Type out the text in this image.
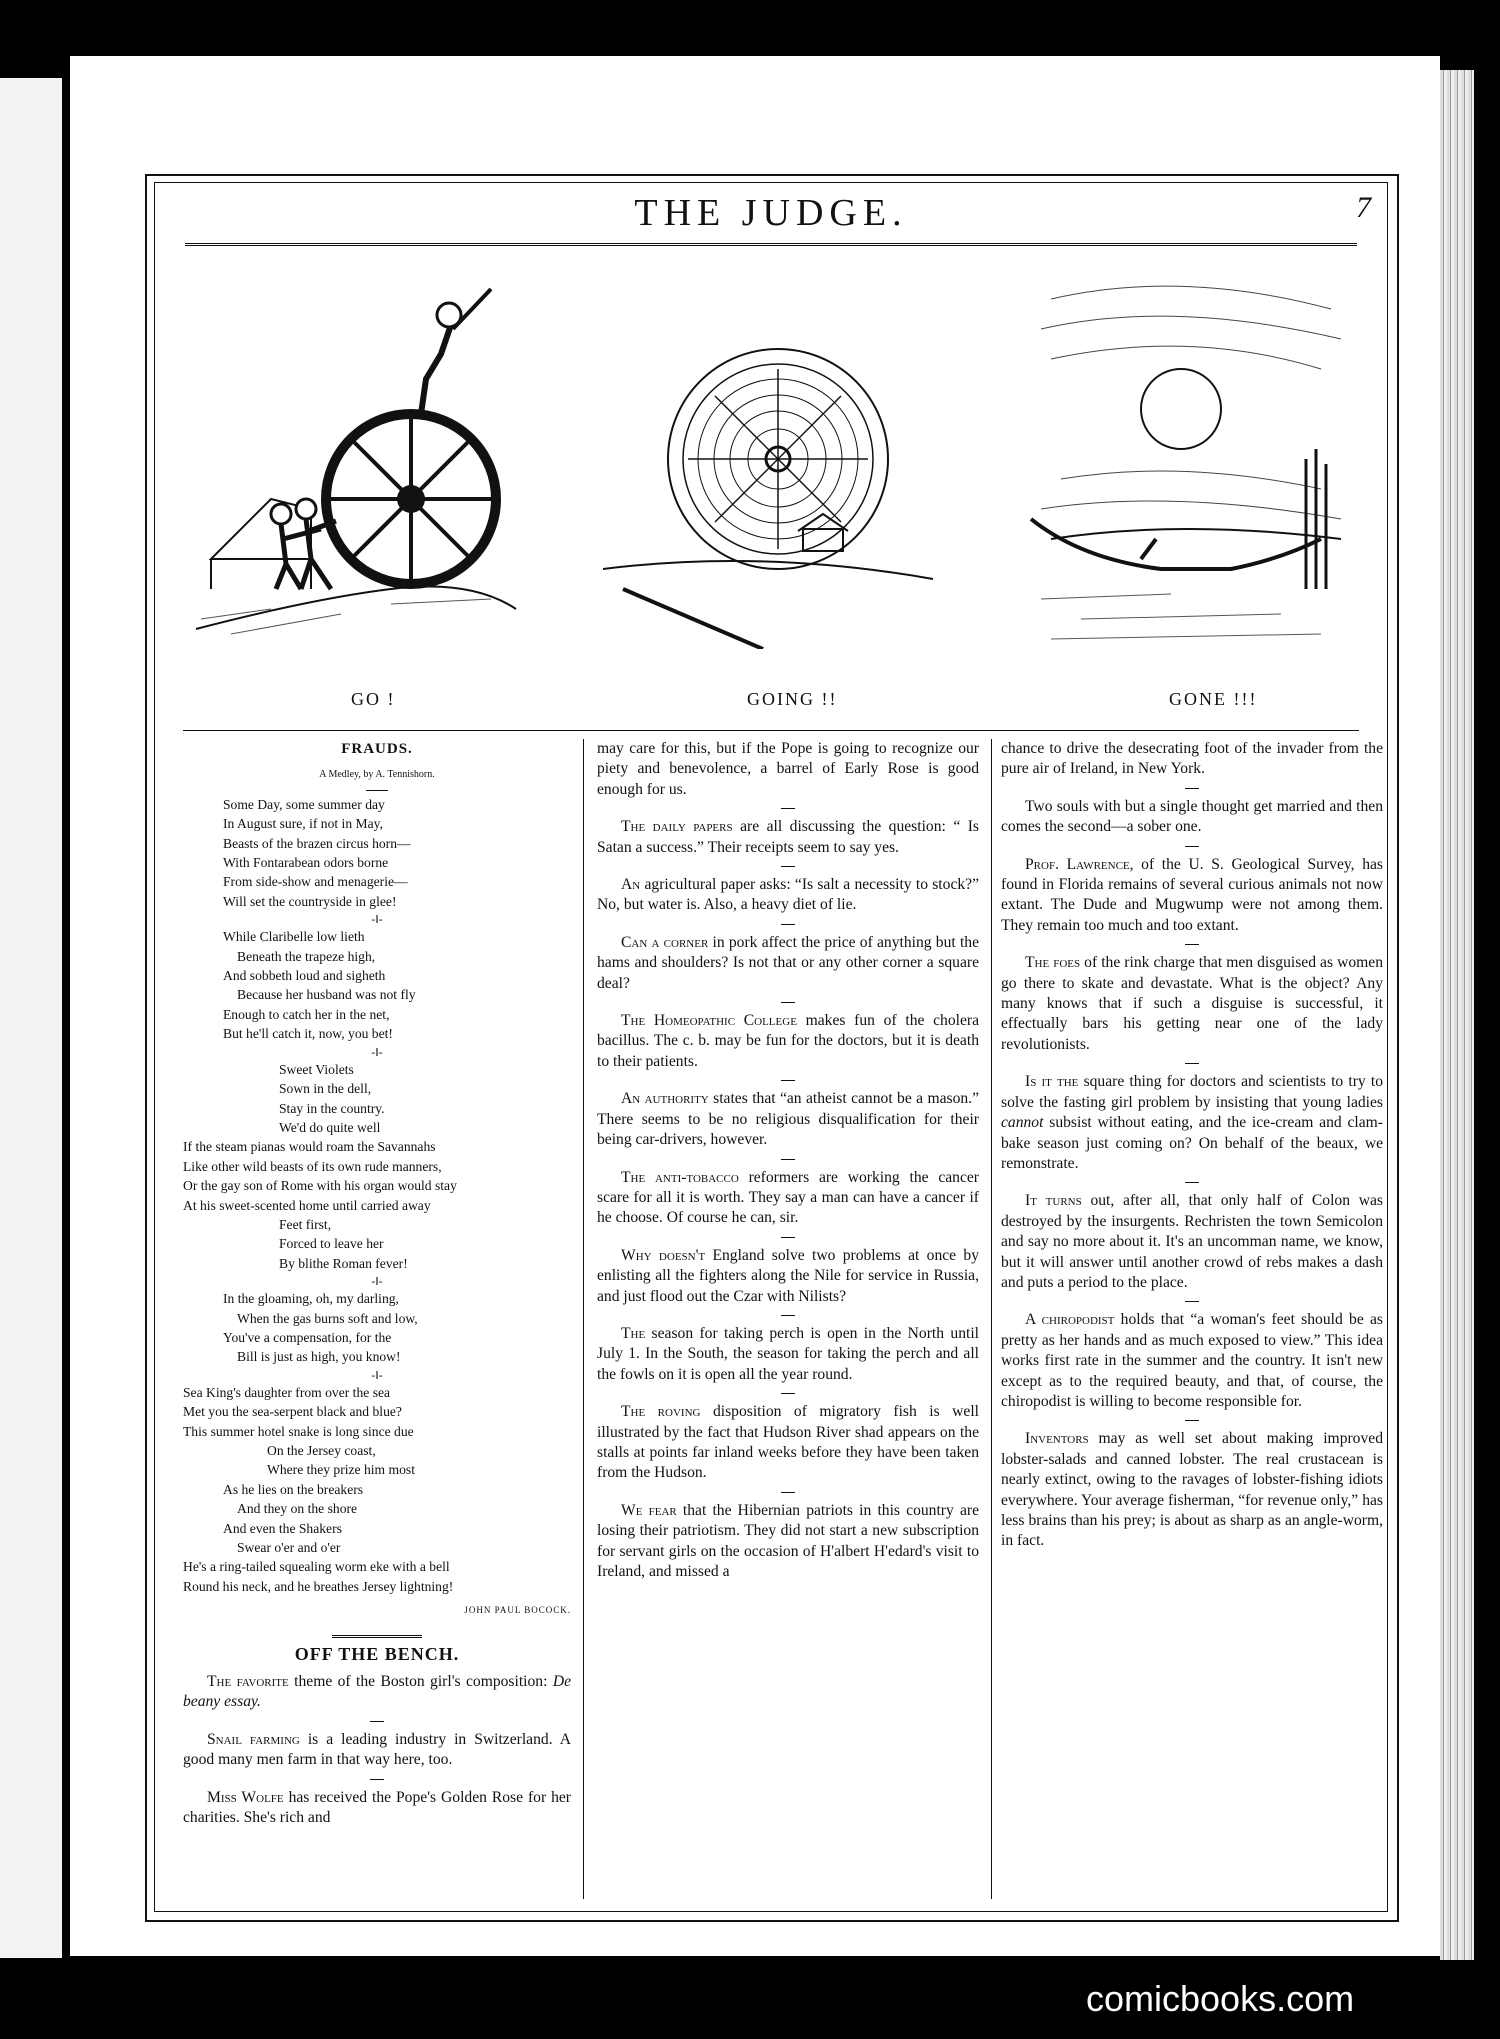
THE JUDGE.	7
GO !	GOING !!	GONE !!!
FRAUDS.
A Medley, by A. Tennishorn.
Some Day, some summer day
In August sure, if not in May,
Beasts of the brazen circus horn—
With Fontarabean odors borne
From side-show and menagerie—
Will set the countryside in glee!
-‖-
While Claribelle low lieth
Beneath the trapeze high,
And sobbeth loud and sigheth
Because her husband was not fly
Enough to catch her in the net,
But he'll catch it, now, you bet!
-‖-
Sweet Violets
Sown in the dell,
Stay in the country.
We'd do quite well
If the steam pianas would roam the Savannahs
Like other wild beasts of its own rude manners,
Or the gay son of Rome with his organ would stay
At his sweet-scented home until carried away
Feet first,
Forced to leave her
By blithe Roman fever!
-‖-
In the gloaming, oh, my darling,
When the gas burns soft and low,
You've a compensation, for the
Bill is just as high, you know!
-‖-
Sea King's daughter from over the sea
Met you the sea-serpent black and blue?
This summer hotel snake is long since due
On the Jersey coast,
Where they prize him most
As he lies on the breakers
And they on the shore
And even the Shakers
Swear o'er and o'er
He's a ring-tailed squealing worm eke with a bell
Round his neck, and he breathes Jersey lightning!
JOHN PAUL BOCOCK.
OFF THE BENCH.

The favorite theme of the Boston girl's composition: De beany essay.

Snail farming is a leading industry in Switzerland. A good many men farm in that way here, too.

Miss Wolfe has received the Pope's Golden Rose for her charities. She's rich and

may care for this, but if the Pope is going to recognize our piety and benevolence, a barrel of Early Rose is good enough for us.

The daily papers are all discussing the question: “ Is Satan a success.” Their receipts seem to say yes.

An agricultural paper asks: “Is salt a necessity to stock?” No, but water is. Also, a heavy diet of lie.

Can a corner in pork affect the price of anything but the hams and shoulders? Is not that or any other corner a square deal?

The Homeopathic College makes fun of the cholera bacillus. The c. b. may be fun for the doctors, but it is death to their patients.

An authority states that “an atheist cannot be a mason.” There seems to be no religious disqualification for their being car-drivers, however.

The anti-tobacco reformers are working the cancer scare for all it is worth. They say a man can have a cancer if he choose. Of course he can, sir.

Why doesn't England solve two problems at once by enlisting all the fighters along the Nile for service in Russia, and just flood out the Czar with Nilists?

The season for taking perch is open in the North until July 1. In the South, the season for taking the perch and all the fowls on it is open all the year round.

The roving disposition of migratory fish is well illustrated by the fact that Hudson River shad appears on the stalls at points far inland weeks before they have been taken from the Hudson.

We fear that the Hibernian patriots in this country are losing their patriotism. They did not start a new subscription for servant girls on the occasion of H'albert H'edard's visit to Ireland, and missed a

chance to drive the desecrating foot of the invader from the pure air of Ireland, in New York.

Two souls with but a single thought get married and then comes the second—a sober one.

Prof. Lawrence, of the U. S. Geological Survey, has found in Florida remains of several curious animals not now extant. The Dude and Mugwump were not among them. They remain too much and too extant.

The foes of the rink charge that men disguised as women go there to skate and devastate. What is the object? Any many knows that if such a disguise is successful, it effectually bars his getting near one of the lady revolutionists.

Is it the square thing for doctors and scientists to try to solve the fasting girl problem by insisting that young ladies cannot subsist without eating, and the ice-cream and clam-bake season just coming on? On behalf of the beaux, we remonstrate.

It turns out, after all, that only half of Colon was destroyed by the insurgents. Rechristen the town Semicolon and say no more about it. It's an uncomman name, we know, but it will answer until another crowd of rebs makes a dash and puts a period to the place.

A chiropodist holds that “a woman's feet should be as pretty as her hands and as much exposed to view.” This idea works first rate in the summer and the country. It isn't new except as to the required beauty, and that, of course, the chiropodist is willing to become responsible for.

Inventors may as well set about making improved lobster-salads and canned lobster. The real crustacean is nearly extinct, owing to the ravages of lobster-fishing idiots everywhere. Your average fisherman, “for revenue only,” has less brains than his prey; is about as sharp as an angle-worm, in fact.

comicbooks.com
